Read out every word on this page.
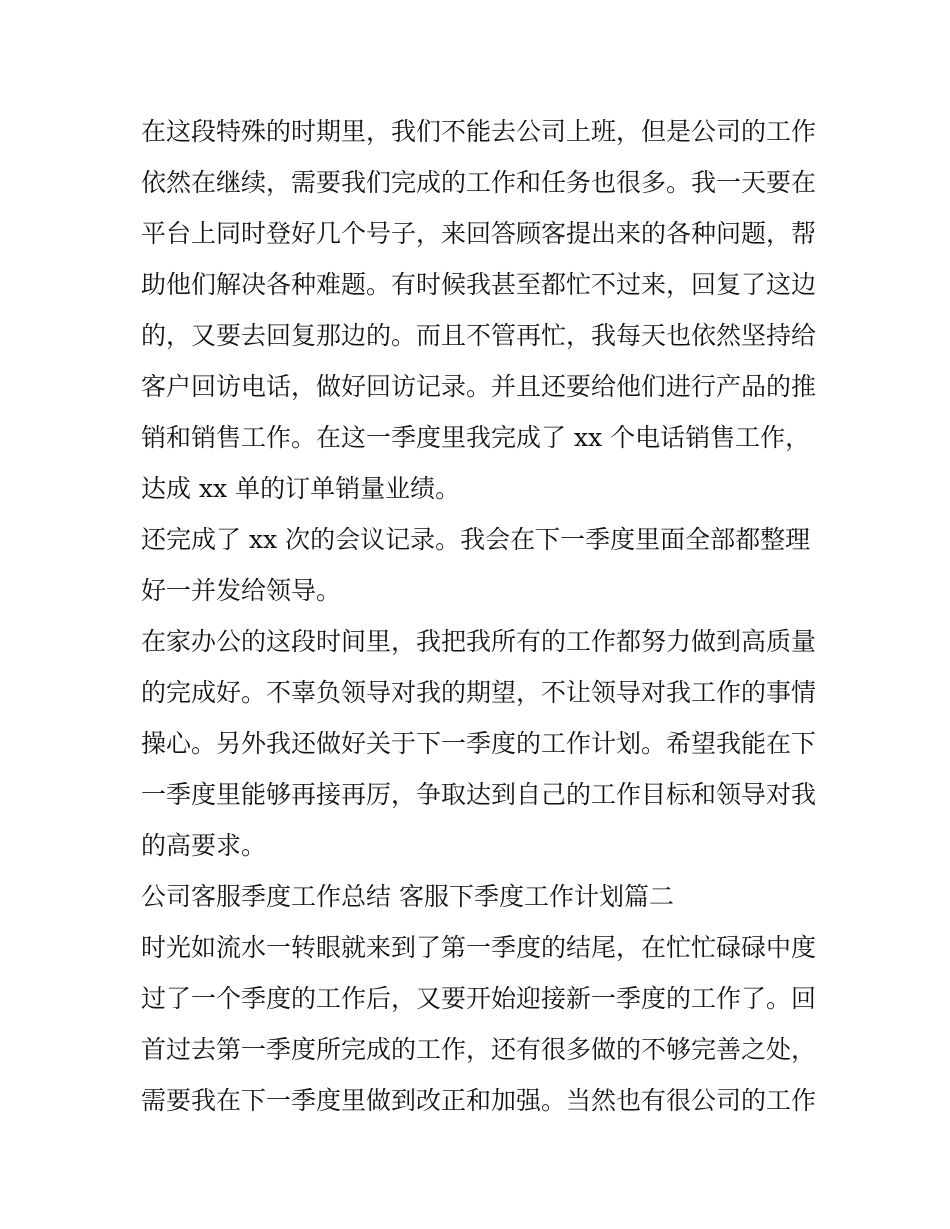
在这段特殊的时期里，我们不能去公司上班，但是公司的工作
依然在继续，需要我们完成的工作和任务也很多。我一天要在
平台上同时登好几个号子，来回答顾客提出来的各种问题，帮
助他们解决各种难题。有时候我甚至都忙不过来，回复了这边
的，又要去回复那边的。而且不管再忙，我每天也依然坚持给
客户回访电话，做好回访记录。并且还要给他们进行产品的推
销和销售工作。在这一季度里我完成了 xx 个电话销售工作，
达成 xx 单的订单销量业绩。
还完成了 xx 次的会议记录。我会在下一季度里面全部都整理
好一并发给领导。
在家办公的这段时间里，我把我所有的工作都努力做到高质量
的完成好。不辜负领导对我的期望，不让领导对我工作的事情
操心。另外我还做好关于下一季度的工作计划。希望我能在下
一季度里能够再接再厉，争取达到自己的工作目标和领导对我
的高要求。
公司客服季度工作总结 客服下季度工作计划篇二
时光如流水一转眼就来到了第一季度的结尾，在忙忙碌碌中度
过了一个季度的工作后，又要开始迎接新一季度的工作了。回
首过去第一季度所完成的工作，还有很多做的不够完善之处，
需要我在下一季度里做到改正和加强。当然也有很公司的工作
